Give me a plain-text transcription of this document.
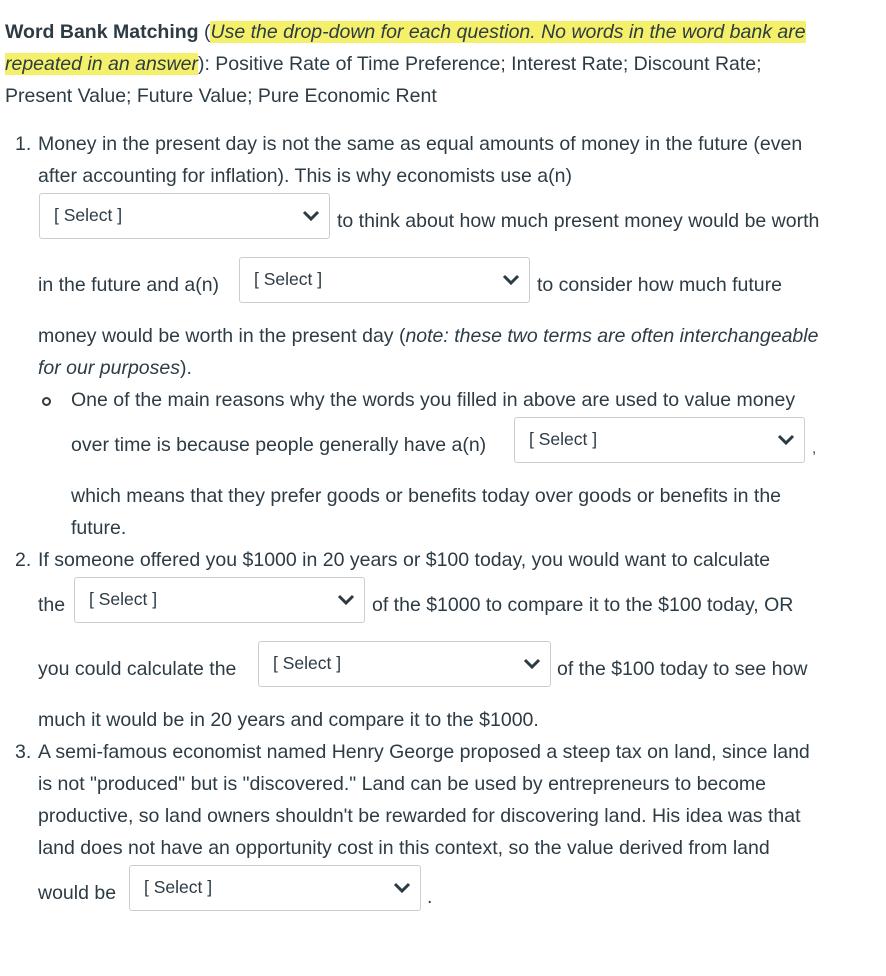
Word Bank Matching (Use the drop-down for each question. No words in the word bank are
repeated in an answer): Positive Rate of Time Preference; Interest Rate; Discount Rate;
Present Value; Future Value; Pure Economic Rent
1. Money in the present day is not the same as equal amounts of money in the future (even
after accounting for inflation). This is why economists use a(n)
[ Select ]	to think about how much present money would be worth
in the future and a(n) [ Select ]	to consider how much future
money would be worth in the present day (note: these two terms are often interchangeable
for our purposes).
One of the main reasons why the words you filled in above are used to value money
over time is because people generally have a(n) [ Select ]	,
which means that they prefer goods or benefits today over goods or benefits in the
future.
2. If someone offered you $1000 in 20 years or $100 today, you would want to calculate
the [ Select ]	of the $1000 to compare it to the $100 today, OR
you could calculate the [ Select ]	of the $100 today to see how
much it would be in 20 years and compare it to the $1000.
3. A semi-famous economist named Henry George proposed a steep tax on land, since land
is not "produced" but is "discovered." Land can be used by entrepreneurs to become
productive, so land owners shouldn't be rewarded for discovering land. His idea was that
land does not have an opportunity cost in this context, so the value derived from land
would be [ Select ]	.
